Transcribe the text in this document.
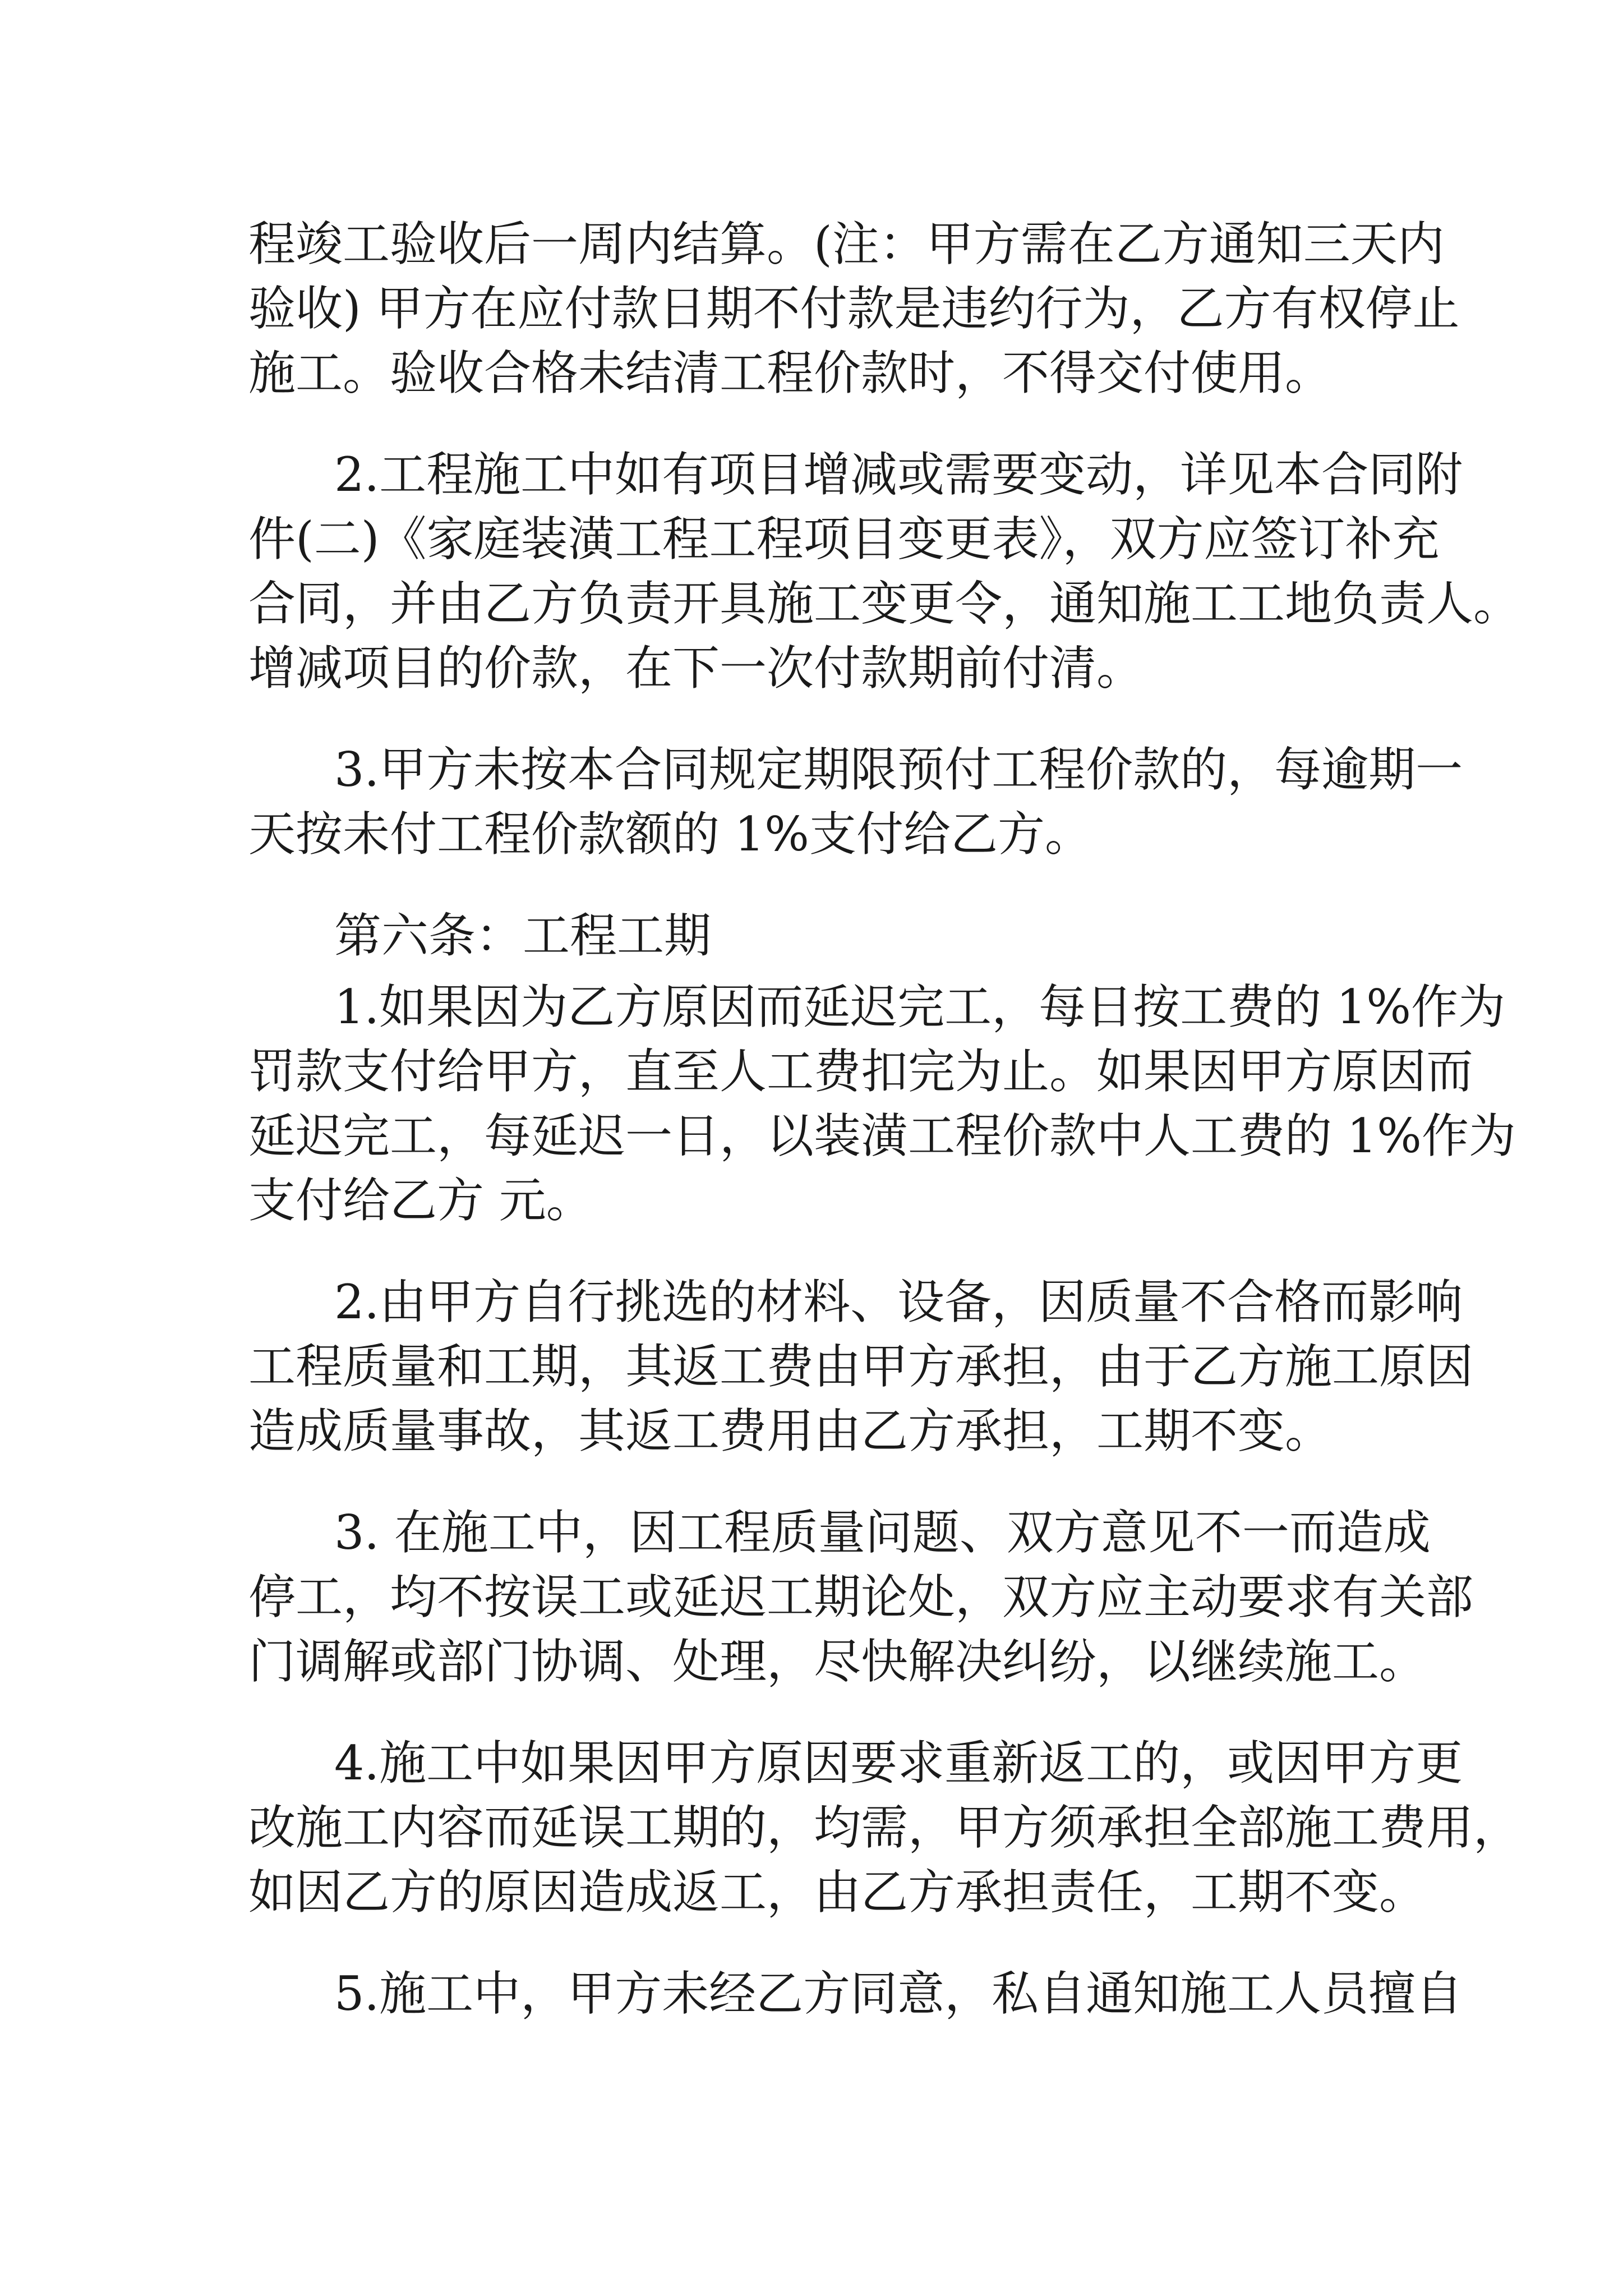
程竣工验收后一周内结算。(注：甲方需在乙方通知三天内
验收) 甲方在应付款日期不付款是违约行为，乙方有权停止
施工。验收合格未结清工程价款时，不得交付使用。
2.工程施工中如有项目增减或需要变动，详见本合同附
件(二)《家庭装潢工程工程项目变更表》，双方应签订补充
合同，并由乙方负责开具施工变更令，通知施工工地负责人。
增减项目的价款，在下一次付款期前付清。
3.甲方未按本合同规定期限预付工程价款的，每逾期一
天按未付工程价款额的 1%支付给乙方。
第六条：工程工期
1.如果因为乙方原因而延迟完工，每日按工费的 1%作为
罚款支付给甲方，直至人工费扣完为止。如果因甲方原因而
延迟完工，每延迟一日，以装潢工程价款中人工费的 1%作为
支付给乙方 元。
2.由甲方自行挑选的材料、设备，因质量不合格而影响
工程质量和工期，其返工费由甲方承担，由于乙方施工原因
造成质量事故，其返工费用由乙方承担，工期不变。
3. 在施工中，因工程质量问题、双方意见不一而造成
停工，均不按误工或延迟工期论处，双方应主动要求有关部
门调解或部门协调、处理，尽快解决纠纷，以继续施工。
4.施工中如果因甲方原因要求重新返工的，或因甲方更
改施工内容而延误工期的，均需，甲方须承担全部施工费用，
如因乙方的原因造成返工，由乙方承担责任，工期不变。
5.施工中，甲方未经乙方同意，私自通知施工人员擅自
